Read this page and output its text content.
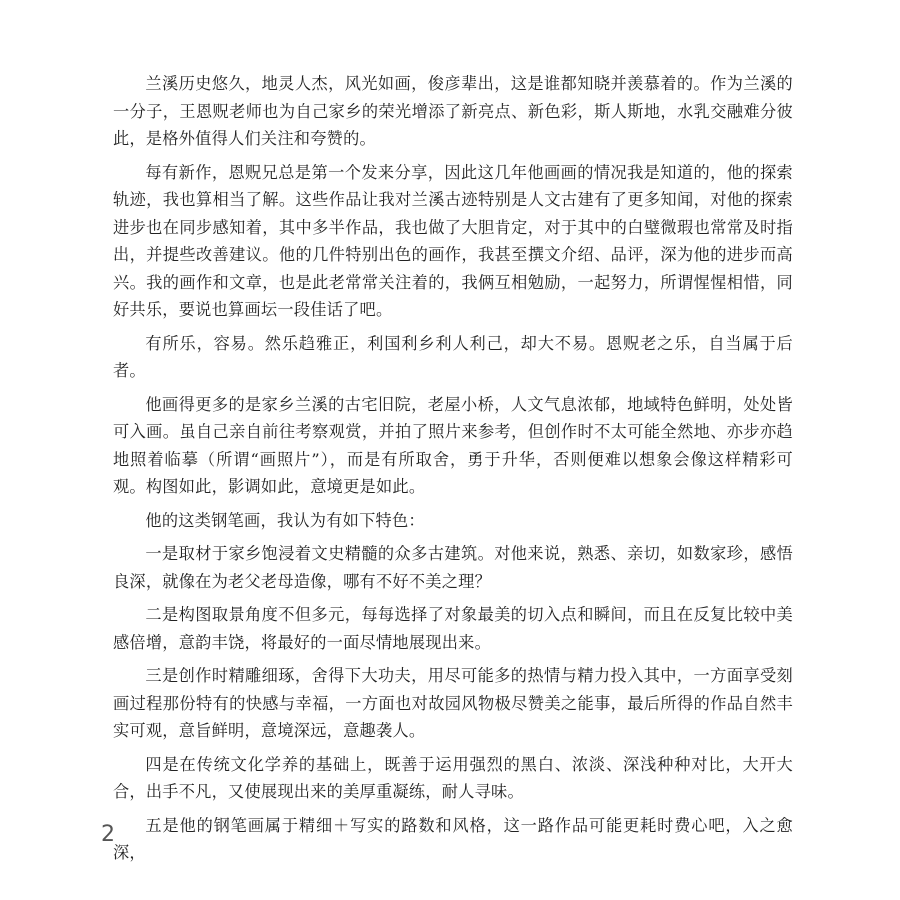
兰溪历史悠久，地灵人杰，风光如画，俊彦辈出，这是谁都知晓并羡慕着的。作为兰溪的一分子，王恩贶老师也为自己家乡的荣光增添了新亮点、新色彩，斯人斯地，水乳交融难分彼此，是格外值得人们关注和夸赞的。

每有新作，恩贶兄总是第一个发来分享，因此这几年他画画的情况我是知道的，他的探索轨迹，我也算相当了解。这些作品让我对兰溪古迹特别是人文古建有了更多知闻，对他的探索进步也在同步感知着，其中多半作品，我也做了大胆肯定，对于其中的白璧微瑕也常常及时指出，并提些改善建议。他的几件特别出色的画作，我甚至撰文介绍、品评，深为他的进步而高兴。我的画作和文章，也是此老常常关注着的，我俩互相勉励，一起努力，所谓惺惺相惜，同好共乐，要说也算画坛一段佳话了吧。

有所乐，容易。然乐趋雅正，利国利乡利人利己，却大不易。恩贶老之乐，自当属于后者。

他画得更多的是家乡兰溪的古宅旧院，老屋小桥，人文气息浓郁，地域特色鲜明，处处皆可入画。虽自己亲自前往考察观赏，并拍了照片来参考，但创作时不太可能全然地、亦步亦趋地照着临摹（所谓“画照片”），而是有所取舍，勇于升华，否则便难以想象会像这样精彩可观。构图如此，影调如此，意境更是如此。

他的这类钢笔画，我认为有如下特色：

一是取材于家乡饱浸着文史精髓的众多古建筑。对他来说，熟悉、亲切，如数家珍，感悟良深，就像在为老父老母造像，哪有不好不美之理？

二是构图取景角度不但多元，每每选择了对象最美的切入点和瞬间，而且在反复比较中美感倍增，意韵丰饶，将最好的一面尽情地展现出来。

三是创作时精雕细琢，舍得下大功夫，用尽可能多的热情与精力投入其中，一方面享受刻画过程那份特有的快感与幸福，一方面也对故园风物极尽赞美之能事，最后所得的作品自然丰实可观，意旨鲜明，意境深远，意趣袭人。

四是在传统文化学养的基础上，既善于运用强烈的黑白、浓淡、深浅种种对比，大开大合，出手不凡，又使展现出来的美厚重凝练，耐人寻味。

五是他的钢笔画属于精细＋写实的路数和风格，这一路作品可能更耗时费心吧，入之愈深，

2
